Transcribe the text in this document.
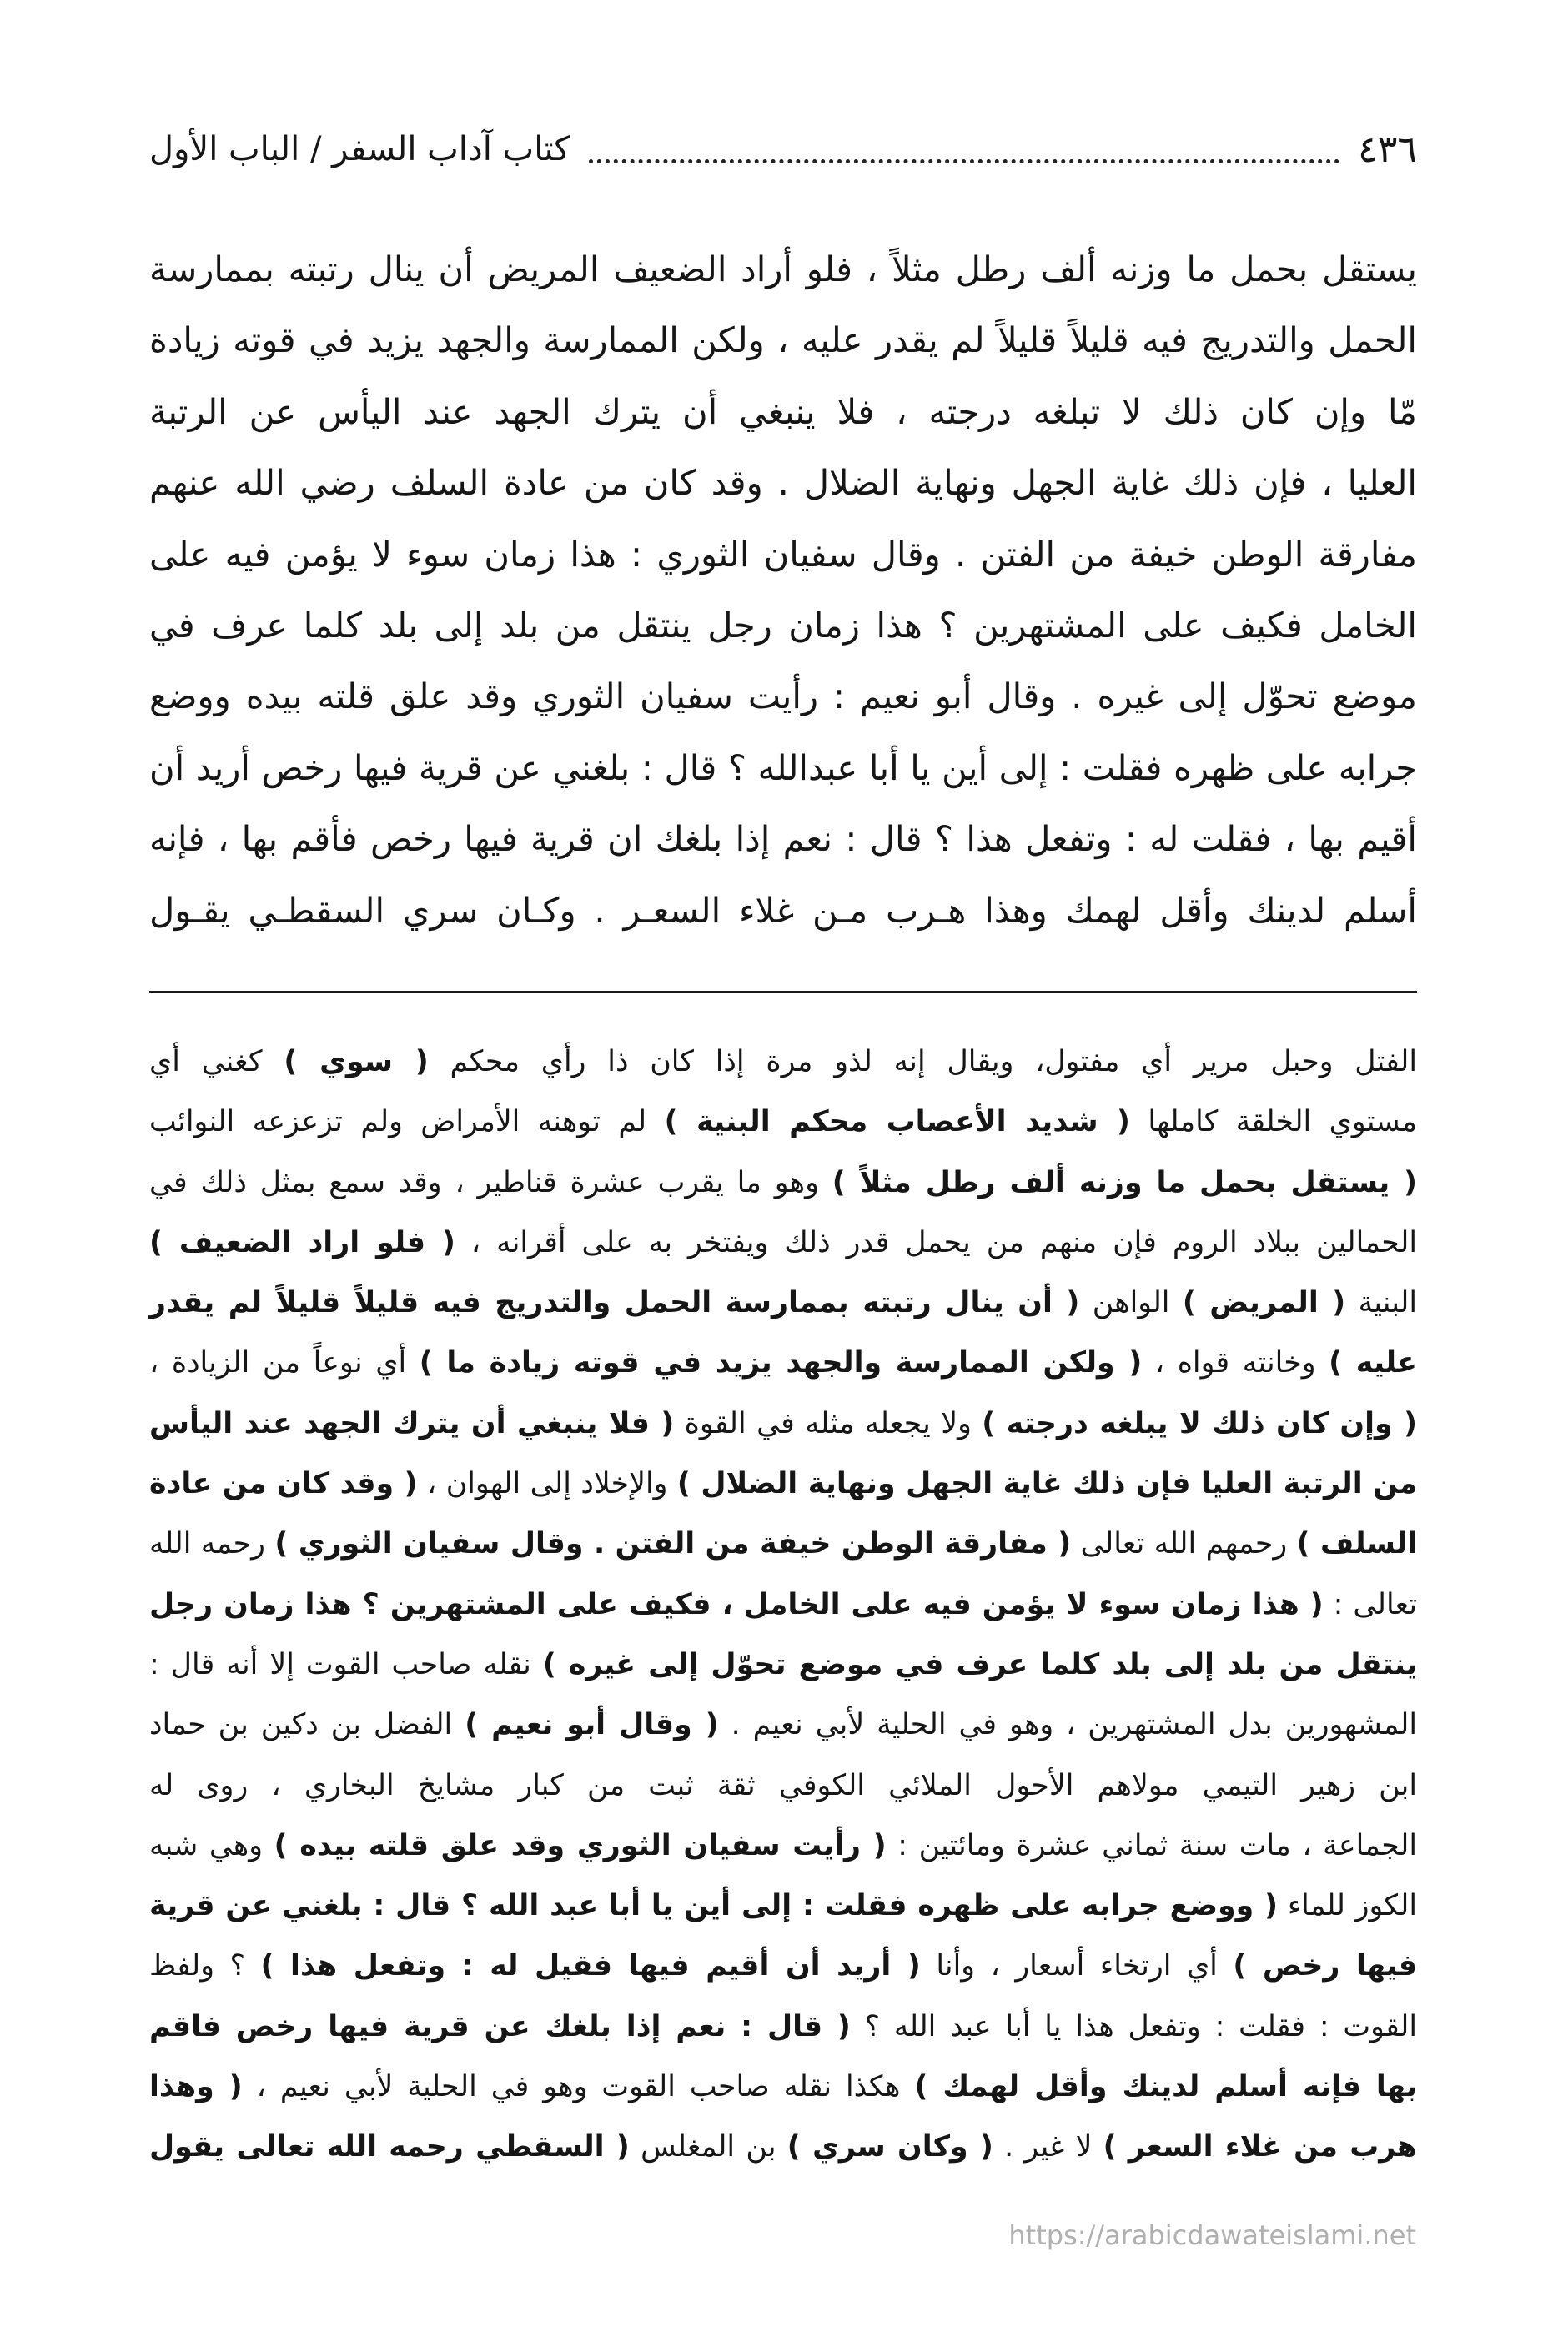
٤٣٦
كتاب آداب السفر / الباب الأول
يستقل بحمل ما وزنه ألف رطل مثلاً ، فلو أراد الضعيف المريض أن ينال رتبته بممارسة
الحمل والتدريج فيه قليلاً قليلاً لم يقدر عليه ، ولكن الممارسة والجهد يزيد في قوته زيادة
مّا وإن كان ذلك لا تبلغه درجته ، فلا ينبغي أن يترك الجهد عند اليأس عن الرتبة
العليا ، فإن ذلك غاية الجهل ونهاية الضلال . وقد كان من عادة السلف رضي الله عنهم
مفارقة الوطن خيفة من الفتن . وقال سفيان الثوري : هذا زمان سوء لا يؤمن فيه على
الخامل فكيف على المشتهرين ؟ هذا زمان رجل ينتقل من بلد إلى بلد كلما عرف في
موضع تحوّل إلى غيره . وقال أبو نعيم : رأيت سفيان الثوري وقد علق قلته بيده ووضع
جرابه على ظهره فقلت : إلى أين يا أبا عبدالله ؟ قال : بلغني عن قرية فيها رخص أريد أن
أقيم بها ، فقلت له : وتفعل هذا ؟ قال : نعم إذا بلغك ان قرية فيها رخص فأقم بها ، فإنه
أسلم لدينك وأقل لهمك وهذا هـرب مـن غلاء السعـر . وكـان سري السقطـي يقـول
الفتل وحبل مرير أي مفتول، ويقال إنه لذو مرة إذا كان ذا رأي محكم ( سوي ) كغني أي
مستوي الخلقة كاملها ( شديد الأعصاب محكم البنية ) لم توهنه الأمراض ولم تزعزعه النوائب
( يستقل بحمل ما وزنه ألف رطل مثلاً ) وهو ما يقرب عشرة قناطير ، وقد سمع بمثل ذلك في
الحمالين ببلاد الروم فإن منهم من يحمل قدر ذلك ويفتخر به على أقرانه ، ( فلو اراد الضعيف )
البنية ( المريض ) الواهن ( أن ينال رتبته بممارسة الحمل والتدريج فيه قليلاً قليلاً لم يقدر
عليه ) وخانته قواه ، ( ولكن الممارسة والجهد يزيد في قوته زيادة ما ) أي نوعاً من الزيادة ،
( وإن كان ذلك لا يبلغه درجته ) ولا يجعله مثله في القوة ( فلا ينبغي أن يترك الجهد عند اليأس
من الرتبة العليا فإن ذلك غاية الجهل ونهاية الضلال ) والإخلاد إلى الهوان ، ( وقد كان من عادة
السلف ) رحمهم الله تعالى ( مفارقة الوطن خيفة من الفتن . وقال سفيان الثوري ) رحمه الله
تعالى : ( هذا زمان سوء لا يؤمن فيه على الخامل ، فكيف على المشتهرين ؟ هذا زمان رجل
ينتقل من بلد إلى بلد كلما عرف في موضع تحوّل إلى غيره ) نقله صاحب القوت إلا أنه قال :
المشهورين بدل المشتهرين ، وهو في الحلية لأبي نعيم . ( وقال أبو نعيم ) الفضل بن دكين بن حماد
ابن زهير التيمي مولاهم الأحول الملائي الكوفي ثقة ثبت من كبار مشايخ البخاري ، روى له
الجماعة ، مات سنة ثماني عشرة ومائتين : ( رأيت سفيان الثوري وقد علق قلته بيده ) وهي شبه
الكوز للماء ( ووضع جرابه على ظهره فقلت : إلى أين يا أبا عبد الله ؟ قال : بلغني عن قرية
فيها رخص ) أي ارتخاء أسعار ، وأنا ( أريد أن أقيم فيها فقيل له : وتفعل هذا ) ؟ ولفظ
القوت : فقلت : وتفعل هذا يا أبا عبد الله ؟ ( قال : نعم إذا بلغك عن قرية فيها رخص فاقم
بها فإنه أسلم لدينك وأقل لهمك ) هكذا نقله صاحب القوت وهو في الحلية لأبي نعيم ، ( وهذا
هرب من غلاء السعر ) لا غير . ( وكان سري ) بن المغلس ( السقطي رحمه الله تعالى يقول
https://arabicdawateislami.net
